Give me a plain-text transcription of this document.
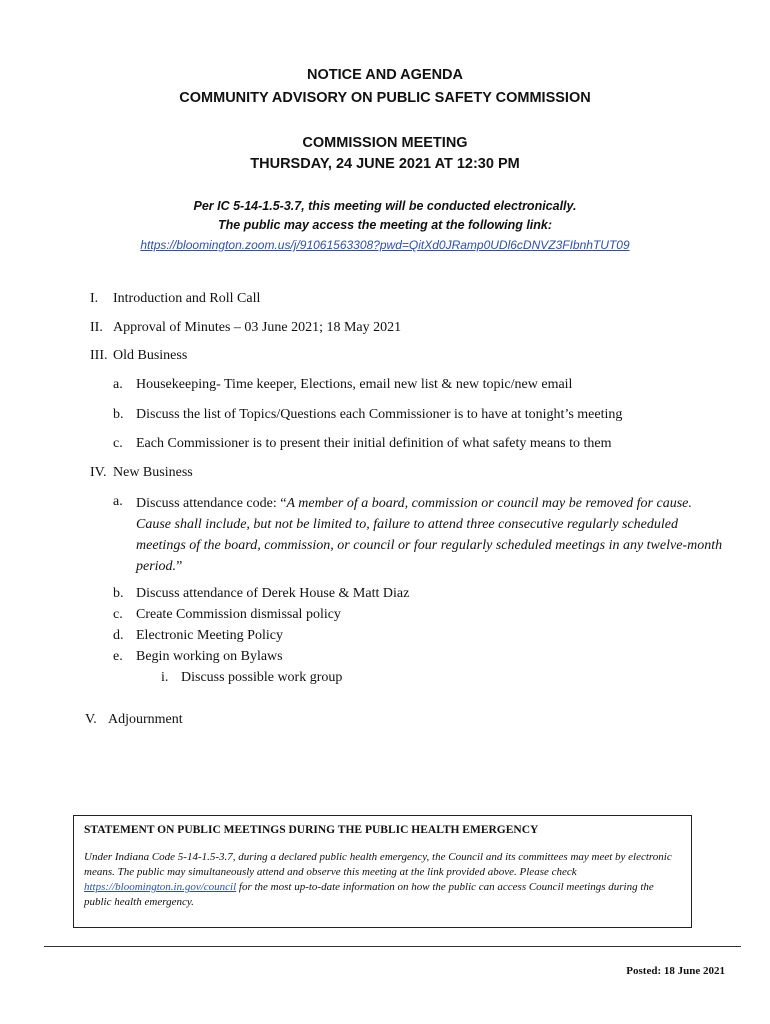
NOTICE AND AGENDA
COMMUNITY ADVISORY ON PUBLIC SAFETY COMMISSION
COMMISSION MEETING
THURSDAY, 24 JUNE 2021 AT 12:30 PM
Per IC 5-14-1.5-3.7, this meeting will be conducted electronically.
The public may access the meeting at the following link:
https://bloomington.zoom.us/j/91061563308?pwd=QitXd0JRamp0UDl6cDNVZ3FIbnhTUT09
I. Introduction and Roll Call
II. Approval of Minutes – 03 June 2021; 18 May 2021
III. Old Business
a. Housekeeping- Time keeper, Elections, email new list & new topic/new email
b. Discuss the list of Topics/Questions each Commissioner is to have at tonight’s meeting
c. Each Commissioner is to present their initial definition of what safety means to them
IV. New Business
a. Discuss attendance code: “A member of a board, commission or council may be removed for cause. Cause shall include, but not be limited to, failure to attend three consecutive regularly scheduled meetings of the board, commission, or council or four regularly scheduled meetings in any twelve-month period.”
b. Discuss attendance of Derek House & Matt Diaz
c. Create Commission dismissal policy
d. Electronic Meeting Policy
e. Begin working on Bylaws
i. Discuss possible work group
V. Adjournment
STATEMENT ON PUBLIC MEETINGS DURING THE PUBLIC HEALTH EMERGENCY
Under Indiana Code 5-14-1.5-3.7, during a declared public health emergency, the Council and its committees may meet by electronic means. The public may simultaneously attend and observe this meeting at the link provided above. Please check https://bloomington.in.gov/council for the most up-to-date information on how the public can access Council meetings during the public health emergency.
Posted: 18 June 2021
